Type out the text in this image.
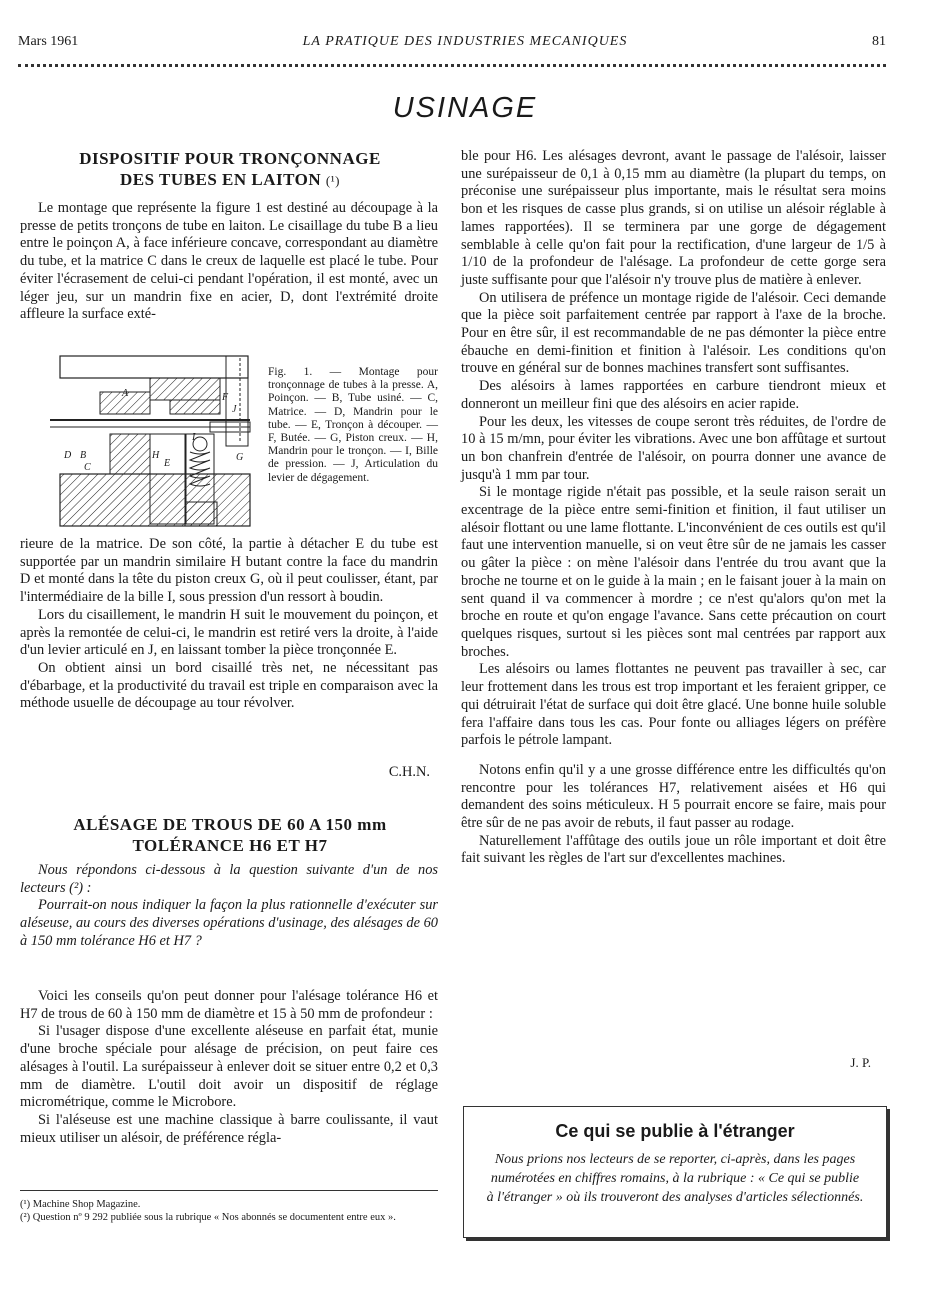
Mars 1961	LA PRATIQUE DES INDUSTRIES MECANIQUES	81
USINAGE
DISPOSITIF POUR TRONÇONNAGE
DES TUBES EN LAITON (¹)

Le montage que représente la figure 1 est destiné au découpage à la presse de petits tronçons de tube en laiton. Le cisaillage du tube B a lieu entre le poinçon A, à face inférieure concave, correspondant au diamètre du tube, et la matrice C dans le creux de laquelle est placé le tube. Pour éviter l'écrasement de celui-ci pendant l'opération, il est monté, avec un léger jeu, sur un mandrin fixe en acier, D, dont l'extrémité droite affleure la surface exté-

A	F
J
D B
C
H
E
I
G
Fig. 1. — Montage pour tronçonnage de tubes à la presse. A, Poinçon. — B, Tube usiné. — C, Matrice. — D, Mandrin pour le tube. — E, Tronçon à découper. — F, Butée. — G, Piston creux. — H, Mandrin pour le tronçon. — I, Bille de pression. — J, Articulation du levier de dégagement.

rieure de la matrice. De son côté, la partie à détacher E du tube est supportée par un mandrin similaire H butant contre la face du mandrin D et monté dans la tête du piston creux G, où il peut coulisser, étant, par l'intermédiaire de la bille I, sous pression d'un ressort à boudin.

Lors du cisaillement, le mandrin H suit le mouvement du poinçon, et après la remontée de celui-ci, le mandrin est retiré vers la droite, à l'aide d'un levier articulé en J, en laissant tomber la pièce tronçonnée E.

On obtient ainsi un bord cisaillé très net, ne nécessitant pas d'ébarbage, et la productivité du travail est triple en comparaison avec la méthode usuelle de découpage au tour révolver.

C.H.N.
ALÉSAGE DE TROUS DE 60 A 150 mm
TOLÉRANCE H6 ET H7

Nous répondons ci-dessous à la question suivante d'un de nos lecteurs (²) :

Pourrait-on nous indiquer la façon la plus rationnelle d'exécuter sur aléseuse, au cours des diverses opérations d'usinage, des alésages de 60 à 150 mm tolérance H6 et H7 ?

Voici les conseils qu'on peut donner pour l'alésage tolérance H6 et H7 de trous de 60 à 150 mm de diamètre et 15 à 50 mm de profondeur :

Si l'usager dispose d'une excellente aléseuse en parfait état, munie d'une broche spéciale pour alésage de précision, on peut faire ces alésages à l'outil. La surépaisseur à enlever doit se situer entre 0,2 et 0,3 mm de diamètre. L'outil doit avoir un dispositif de réglage micrométrique, comme le Microbore.

Si l'aléseuse est une machine classique à barre coulissante, il vaut mieux utiliser un alésoir, de préférence régla-

(¹) Machine Shop Magazine.
(²) Question nº 9 292 publiée sous la rubrique « Nos abonnés se documentent entre eux ».

ble pour H6. Les alésages devront, avant le passage de l'alésoir, laisser une surépaisseur de 0,1 à 0,15 mm au diamètre (la plupart du temps, on préconise une surépaisseur plus importante, mais le résultat sera moins bon et les risques de casse plus grands, si on utilise un alésoir réglable à lames rapportées). Il se terminera par une gorge de dégagement semblable à celle qu'on fait pour la rectification, d'une largeur de 1/5 à 1/10 de la profondeur de l'alésage. La profondeur de cette gorge sera juste suffisante pour que l'alésoir n'y trouve plus de matière à enlever.

On utilisera de préfence un montage rigide de l'alésoir. Ceci demande que la pièce soit parfaitement centrée par rapport à l'axe de la broche. Pour en être sûr, il est recommandable de ne pas démonter la pièce entre ébauche en demi-finition et finition à l'alésoir. Les conditions qu'on trouve en général sur de bonnes machines transfert sont suffisantes.

Des alésoirs à lames rapportées en carbure tiendront mieux et donneront un meilleur fini que des alésoirs en acier rapide.

Pour les deux, les vitesses de coupe seront très réduites, de l'ordre de 10 à 15 m/mn, pour éviter les vibrations. Avec une bon affûtage et surtout un bon chanfrein d'entrée de l'alésoir, on pourra donner une avance de jusqu'à 1 mm par tour.

Si le montage rigide n'était pas possible, et la seule raison serait un excentrage de la pièce entre semi-finition et finition, il faut utiliser un alésoir flottant ou une lame flottante. L'inconvénient de ces outils est qu'il faut une intervention manuelle, si on veut être sûr de ne jamais les casser ou gâter la pièce : on mène l'alésoir dans l'entrée du trou avant que la broche ne tourne et on le guide à la main ; en le faisant jouer à la main on sent quand il va commencer à mordre ; ce n'est qu'alors qu'on met la broche en route et qu'on engage l'avance. Sans cette précaution on court quelques risques, surtout si les pièces sont mal centrées par rapport aux broches.

Les alésoirs ou lames flottantes ne peuvent pas travailler à sec, car leur frottement dans les trous est trop important et les feraient gripper, ce qui détruirait l'état de surface qui doit être glacé. Une bonne huile soluble fera l'affaire dans tous les cas. Pour fonte ou alliages légers on préfère parfois le pétrole lampant.

Notons enfin qu'il y a une grosse différence entre les difficultés qu'on rencontre pour les tolérances H7, relativement aisées et H6 qui demandent des soins méticuleux. H 5 pourrait encore se faire, mais pour être sûr de ne pas avoir de rebuts, il faut passer au rodage.

Naturellement l'affûtage des outils joue un rôle important et doit être fait suivant les règles de l'art sur d'excellentes machines.

J. P.
Ce qui se publie à l'étranger
Nous prions nos lecteurs de se reporter, ci-après, dans les pages numérotées en chiffres romains, à la rubrique : « Ce qui se publie à l'étranger » où ils trouveront des analyses d'articles sélectionnés.
